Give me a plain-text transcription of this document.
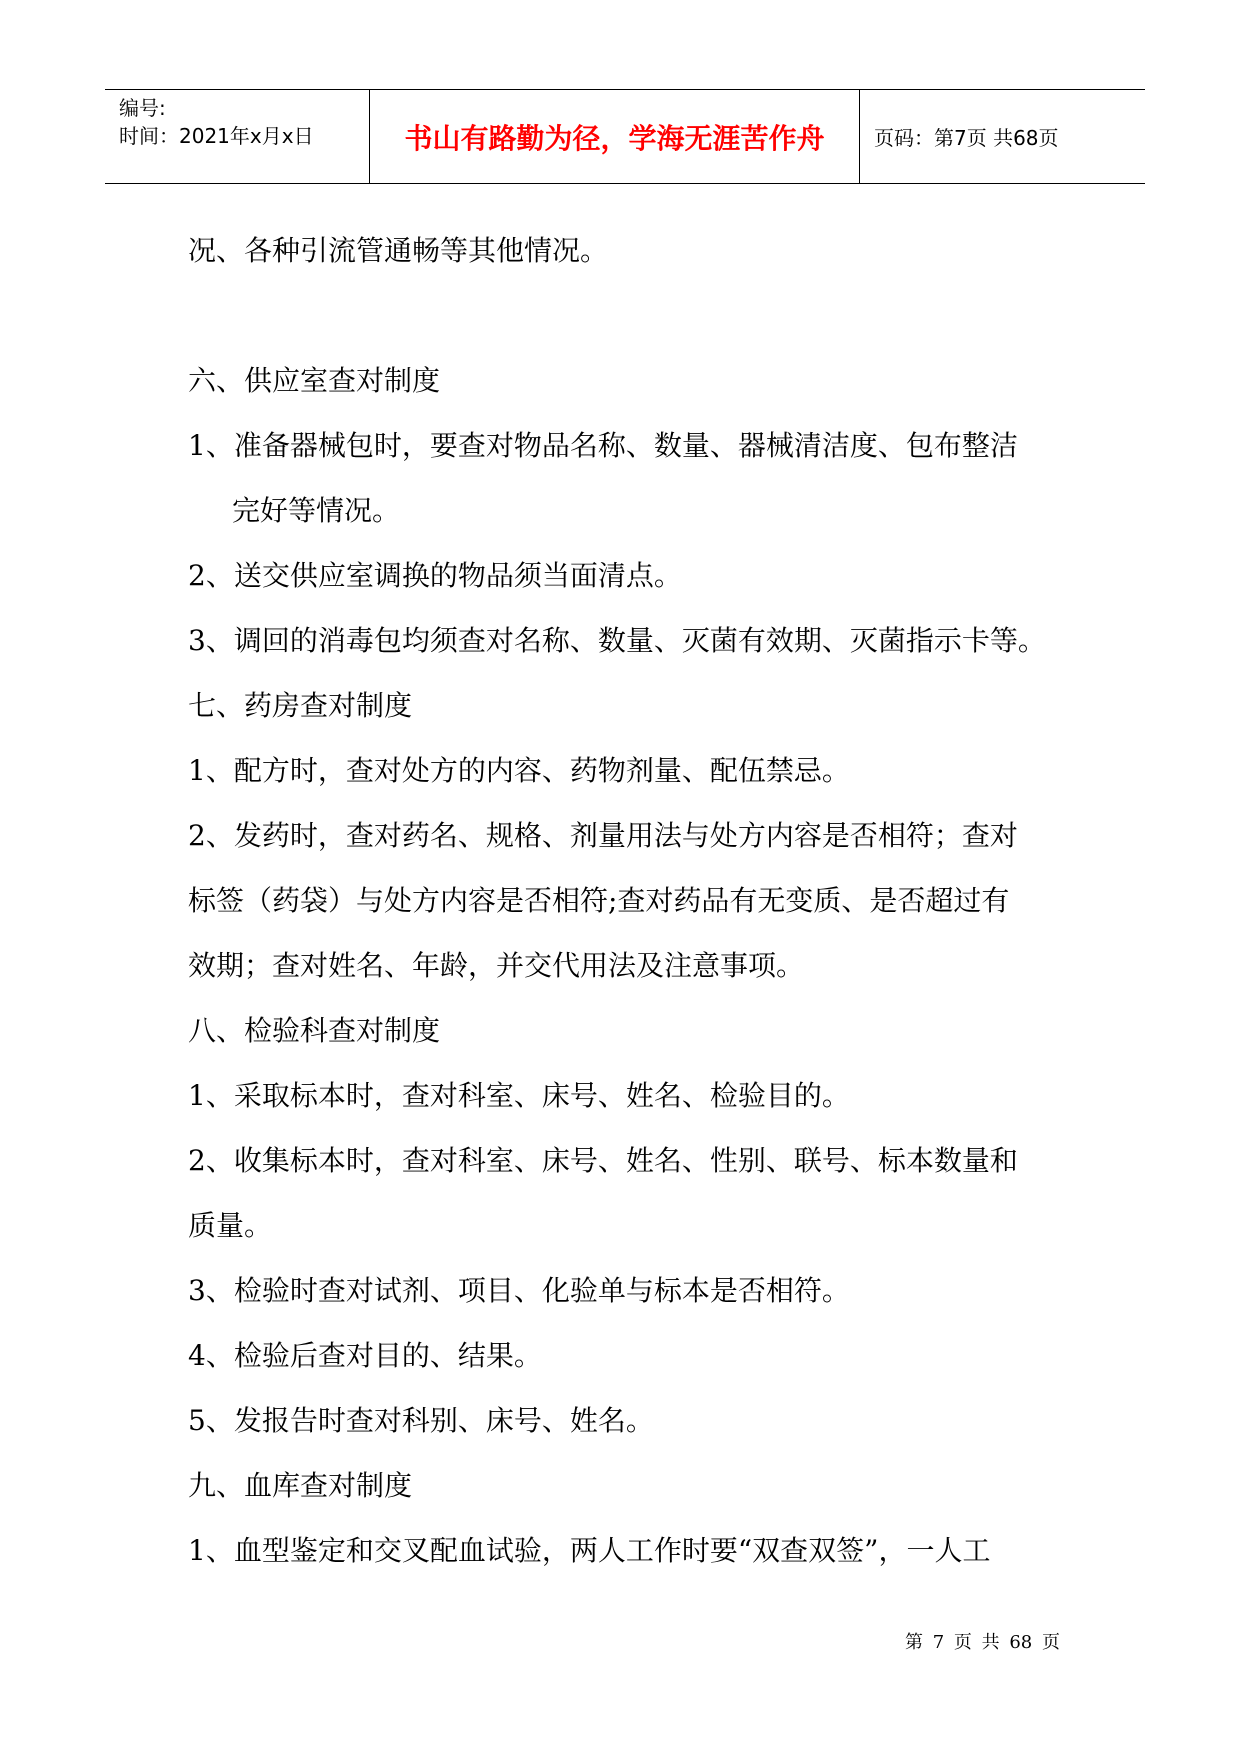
编号:
时间：2021年x月x日	书山有路勤为径，学海无涯苦作舟 页码：第7页 共68页

况、各种引流管通畅等其他情况。

六、供应室查对制度

1、准备器械包时，要查对物品名称、数量、器械清洁度、包布整洁

完好等情况。

2、送交供应室调换的物品须当面清点。

3、调回的消毒包均须查对名称、数量、灭菌有效期、灭菌指示卡等。

七、药房查对制度

1、配方时，查对处方的内容、药物剂量、配伍禁忌。

2、发药时，查对药名、规格、剂量用法与处方内容是否相符；查对

标签（药袋）与处方内容是否相符;查对药品有无变质、是否超过有

效期；查对姓名、年龄，并交代用法及注意事项。

八、检验科查对制度

1、采取标本时，查对科室、床号、姓名、检验目的。

2、收集标本时，查对科室、床号、姓名、性别、联号、标本数量和

质量。

3、检验时查对试剂、项目、化验单与标本是否相符。

4、检验后查对目的、结果。

5、发报告时查对科别、床号、姓名。

九、血库查对制度

1、血型鉴定和交叉配血试验，两人工作时要“双查双签”，一人工

第 7 页 共 68 页
